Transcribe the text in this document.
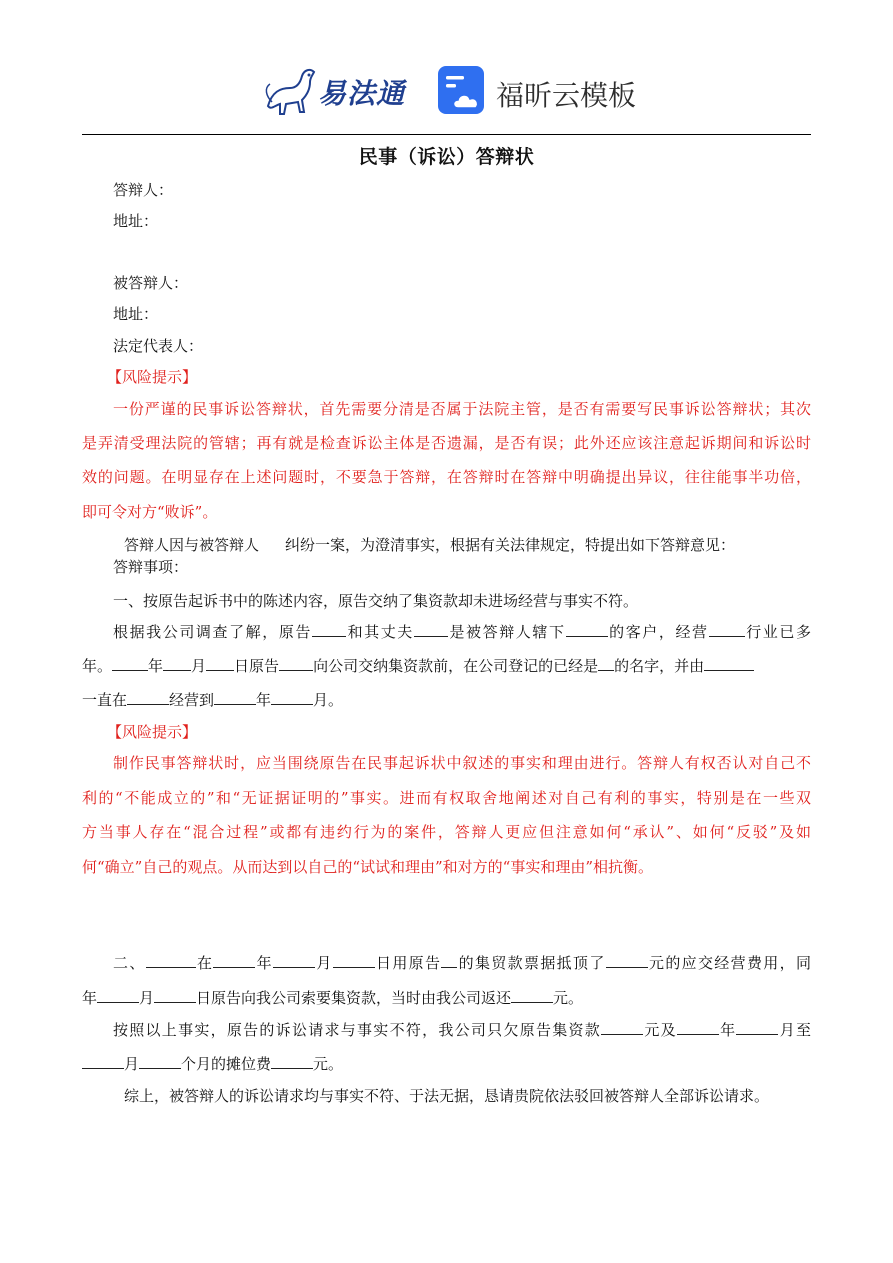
易法通	福昕云模板
民事（诉讼）答辩状
答辩人：
地址：
被答辩人：
地址：
法定代表人：
【风险提示】
一份严谨的民事诉讼答辩状，首先需要分清是否属于法院主管，是否有需要写民事诉讼答辩状；其次
是弄清受理法院的管辖；再有就是检查诉讼主体是否遗漏，是否有误；此外还应该注意起诉期间和诉讼时
效的问题。在明显存在上述问题时，不要急于答辩，在答辩时在答辩中明确提出异议，往往能事半功倍，
即可令对方“败诉”。
答辩人因与被答辩人 纠纷一案，为澄清事实，根据有关法律规定，特提出如下答辩意见：
答辩事项：
一、按原告起诉书中的陈述内容，原告交纳了集资款却未进场经营与事实不符。
根据我公司调查了解，原告 和其丈夫 是被答辩人辖下	的客户，经营 行业已多
年。 年 月 日原告 向公司交纳集资款前，在公司登记的已经是 的名字，并由
一直在	经营到	年	月。
【风险提示】
制作民事答辩状时，应当围绕原告在民事起诉状中叙述的事实和理由进行。答辩人有权否认对自己不
利的“不能成立的”和“无证据证明的”事实。进而有权取舍地阐述对自己有利的事实，特别是在一些双
方当事人存在“混合过程”或都有违约行为的案件，答辩人更应但注意如何“承认”、如何“反驳”及如
何“确立”自己的观点。从而达到以自己的“试试和理由”和对方的“事实和理由”相抗衡。
二、	在	年	月	日用原告 的集贸款票据抵顶了	元的应交经营费用，同
年	月	日原告向我公司索要集资款，当时由我公司返还	元。
按照以上事实，原告的诉讼请求与事实不符，我公司只欠原告集资款	元及	年	月至
月	个月的摊位费	元。
综上，被答辩人的诉讼请求均与事实不符、于法无据，恳请贵院依法驳回被答辩人全部诉讼请求。
